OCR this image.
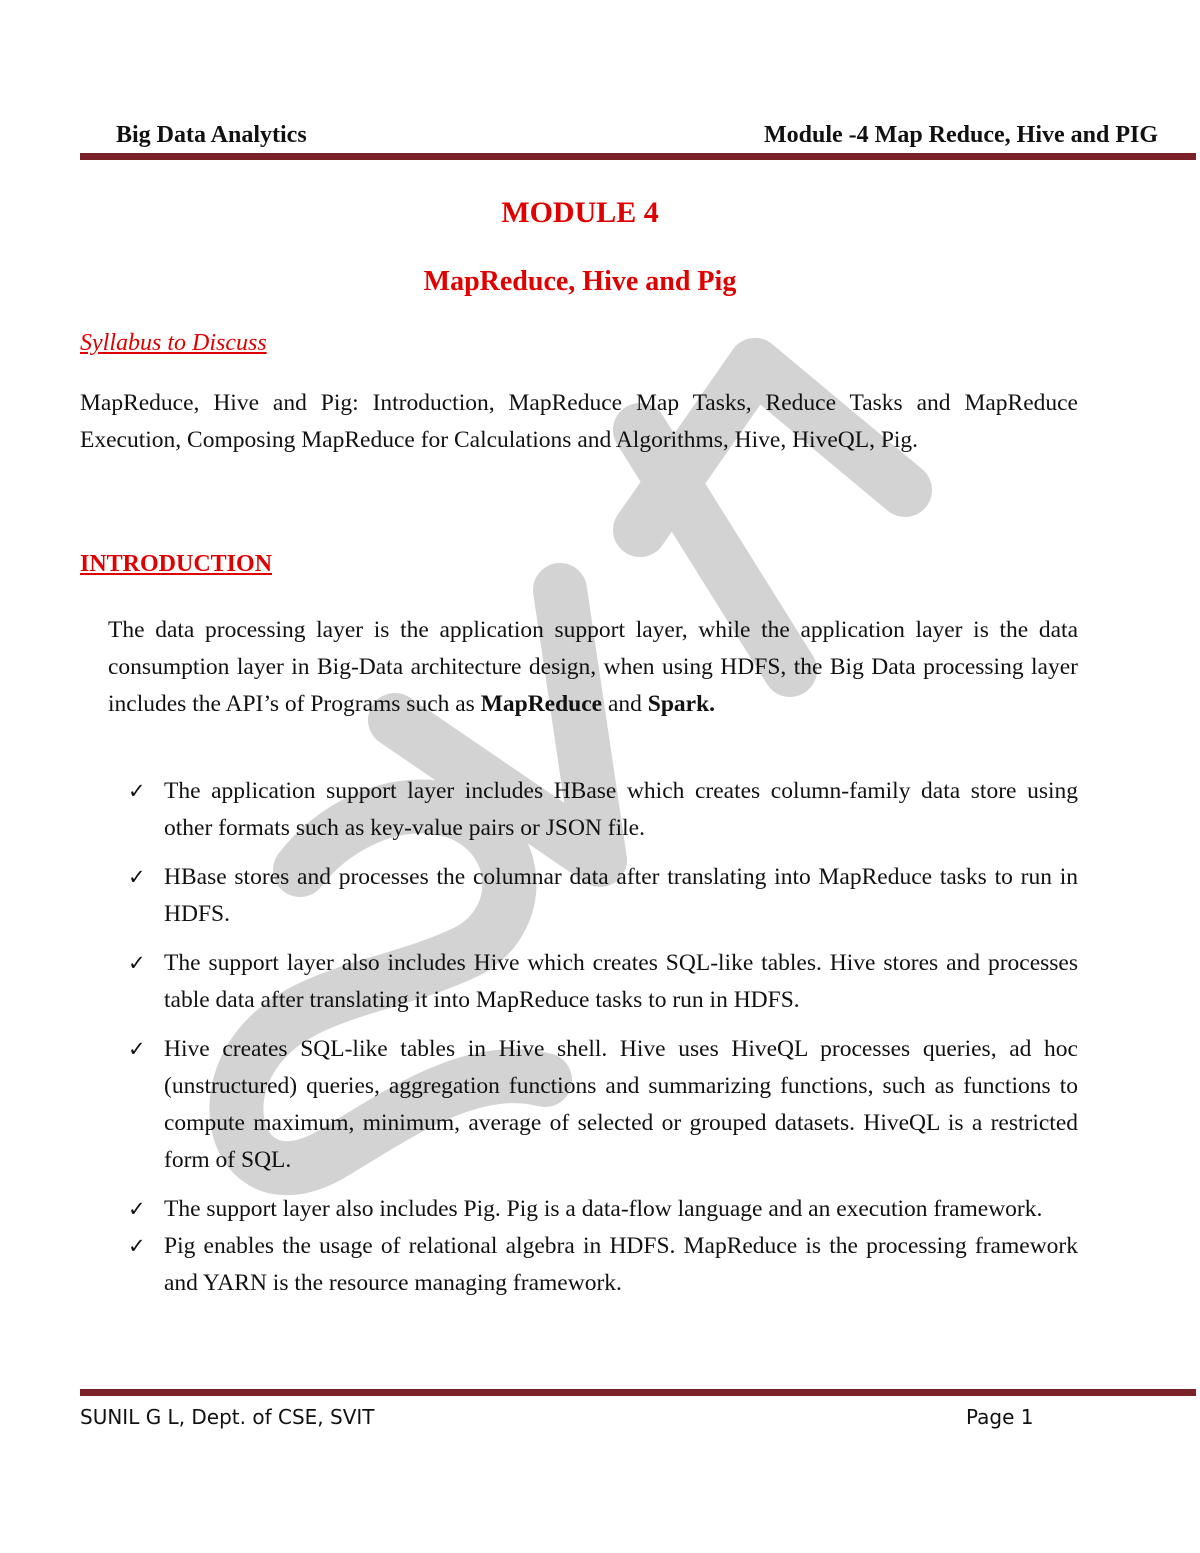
Big Data Analytics	Module -4 Map Reduce, Hive and PIG
MODULE 4
MapReduce, Hive and Pig
Syllabus to Discuss
MapReduce, Hive and Pig: Introduction, MapReduce Map Tasks, Reduce Tasks and MapReduce Execution, Composing MapReduce for Calculations and Algorithms, Hive, HiveQL, Pig.
INTRODUCTION
The data processing layer is the application support layer, while the application layer is the data consumption layer in Big-Data architecture design, when using HDFS, the Big Data processing layer includes the API’s of Programs such as MapReduce and Spark.
✓ The application support layer includes HBase which creates column-family data store using other formats such as key-value pairs or JSON file.
✓ HBase stores and processes the columnar data after translating into MapReduce tasks to run in HDFS.
✓ The support layer also includes Hive which creates SQL-like tables. Hive stores and processes table data after translating it into MapReduce tasks to run in HDFS.
✓ Hive creates SQL-like tables in Hive shell. Hive uses HiveQL processes queries, ad hoc (unstructured) queries, aggregation functions and summarizing functions, such as functions to compute maximum, minimum, average of selected or grouped datasets. HiveQL is a restricted form of SQL.
✓ The support layer also includes Pig. Pig is a data-flow language and an execution framework.
✓ Pig enables the usage of relational algebra in HDFS. MapReduce is the processing framework and YARN is the resource managing framework.
SUNIL G L, Dept. of CSE, SVIT	Page 1
